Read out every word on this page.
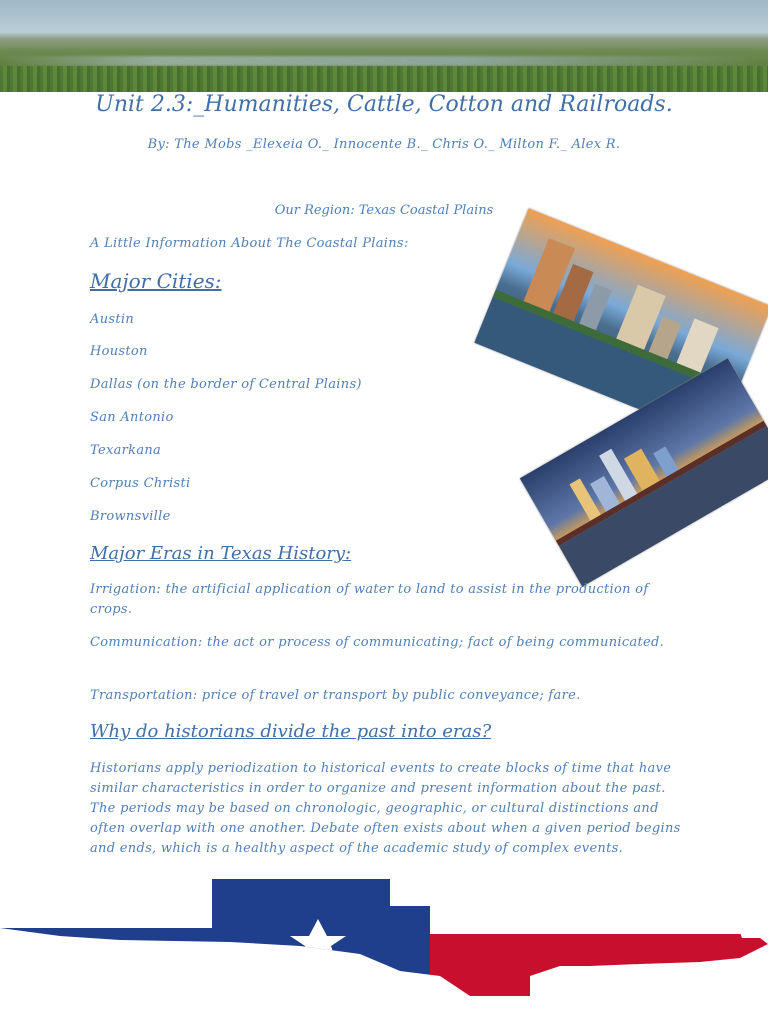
Unit 2.3:_Humanities, Cattle, Cotton and Railroads.
By: The Mobs _Elexeia O._ Innocente B._ Chris O._ Milton F._ Alex R.
Our Region: Texas Coastal Plains
A Little Information About The Coastal Plains:
Major Cities:
Austin
Houston
Dallas (on the border of Central Plains)
San Antonio
Texarkana
Corpus Christi
Brownsville
Major Eras in Texas History:
Irrigation: the artificial application of water to land to assist in the production of crops.
Communication: the act or process of communicating; fact of being communicated.
Transportation: price of travel or transport by public conveyance; fare.
Why do historians divide the past into eras?
Historians apply periodization to historical events to create blocks of time that have similar characteristics in order to organize and present information about the past. The periods may be based on chronologic, geographic, or cultural distinctions and often overlap with one another. Debate often exists about when a given period begins and ends, which is a healthy aspect of the academic study of complex events.
